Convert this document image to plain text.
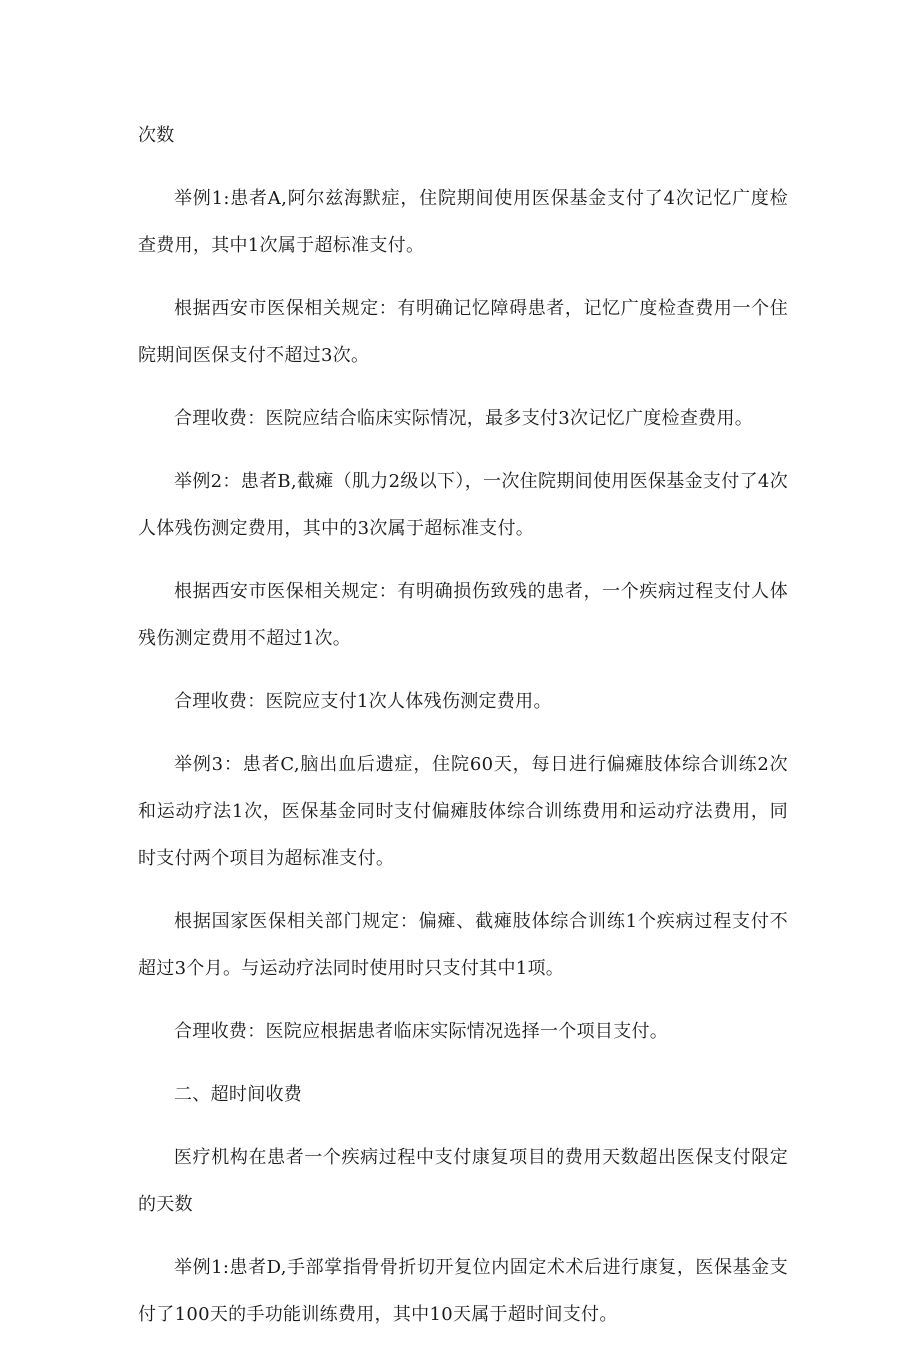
次数

举例1:患者A,阿尔兹海默症，住院期间使用医保基金支付了4次记忆广度检查费用，其中1次属于超标准支付。

根据西安市医保相关规定：有明确记忆障碍患者，记忆广度检查费用一个住院期间医保支付不超过3次。

合理收费：医院应结合临床实际情况，最多支付3次记忆广度检查费用。

举例2：患者B,截瘫（肌力2级以下），一次住院期间使用医保基金支付了4次人体残伤测定费用，其中的3次属于超标准支付。

根据西安市医保相关规定：有明确损伤致残的患者，一个疾病过程支付人体残伤测定费用不超过1次。

合理收费：医院应支付1次人体残伤测定费用。

举例3：患者C,脑出血后遗症，住院60天，每日进行偏瘫肢体综合训练2次和运动疗法1次，医保基金同时支付偏瘫肢体综合训练费用和运动疗法费用，同时支付两个项目为超标准支付。

根据国家医保相关部门规定：偏瘫、截瘫肢体综合训练1个疾病过程支付不超过3个月。与运动疗法同时使用时只支付其中1项。

合理收费：医院应根据患者临床实际情况选择一个项目支付。

二、超时间收费

医疗机构在患者一个疾病过程中支付康复项目的费用天数超出医保支付限定的天数

举例1:患者D,手部掌指骨骨折切开复位内固定术术后进行康复，医保基金支付了100天的手功能训练费用，其中10天属于超时间支付。
